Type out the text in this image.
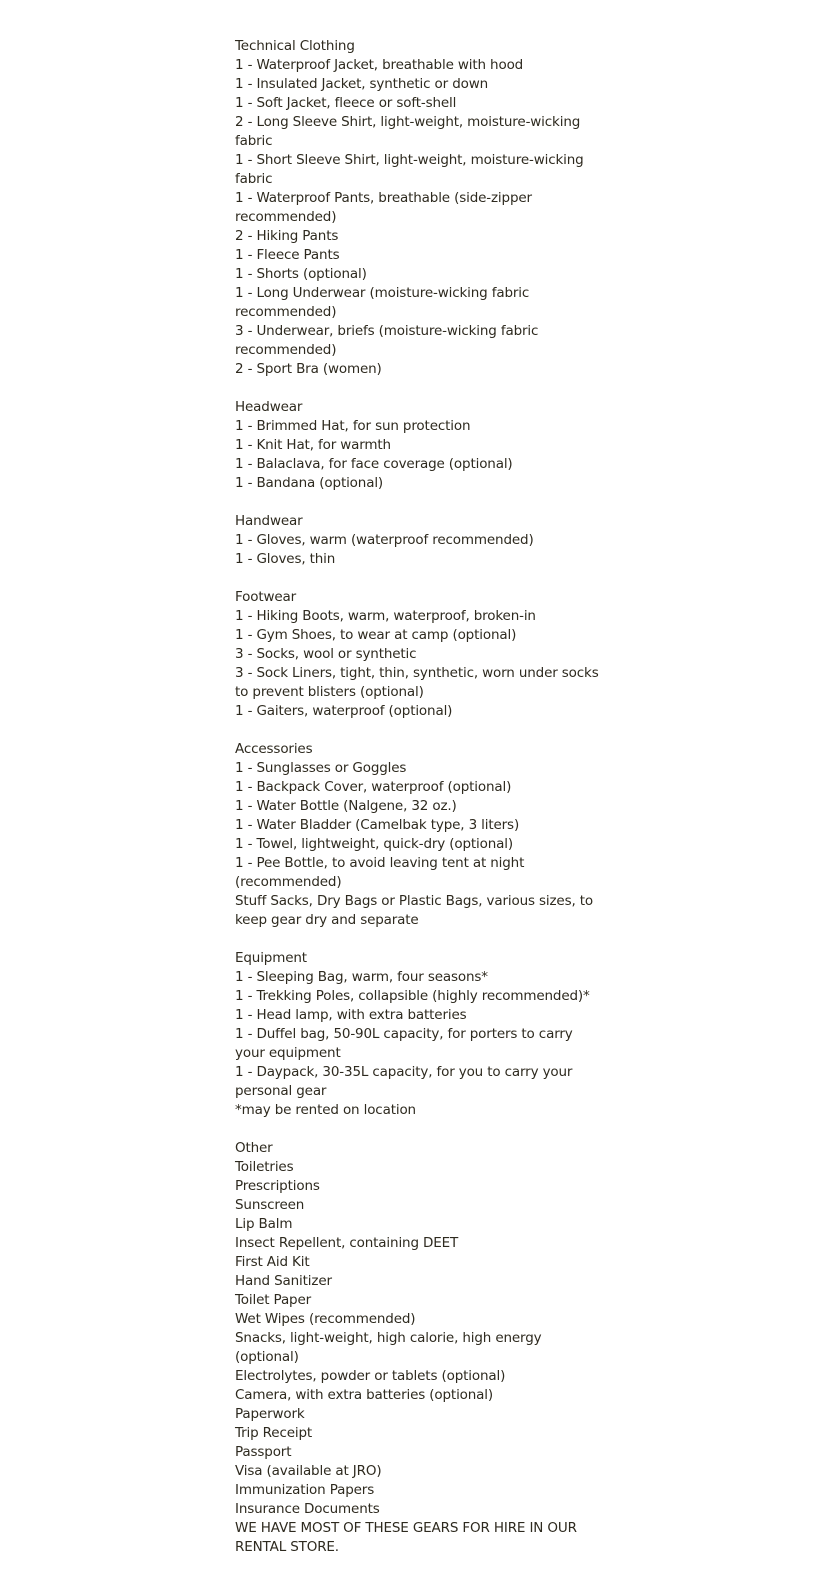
Technical Clothing
1 - Waterproof Jacket, breathable with hood
1 - Insulated Jacket, synthetic or down
1 - Soft Jacket, fleece or soft-shell
2 - Long Sleeve Shirt, light-weight, moisture-wicking fabric
1 - Short Sleeve Shirt, light-weight, moisture-wicking fabric
1 - Waterproof Pants, breathable (side-zipper recommended)
2 - Hiking Pants
1 - Fleece Pants
1 - Shorts (optional)
1 - Long Underwear (moisture-wicking fabric recommended)
3 - Underwear, briefs (moisture-wicking fabric recommended)
2 - Sport Bra (women)
Headwear
1 - Brimmed Hat, for sun protection
1 - Knit Hat, for warmth
1 - Balaclava, for face coverage (optional)
1 - Bandana (optional)
Handwear
1 - Gloves, warm (waterproof recommended)
1 - Gloves, thin
Footwear
1 - Hiking Boots, warm, waterproof, broken-in
1 - Gym Shoes, to wear at camp (optional)
3 - Socks, wool or synthetic
3 - Sock Liners, tight, thin, synthetic, worn under socks to prevent blisters (optional)
1 - Gaiters, waterproof (optional)
Accessories
1 - Sunglasses or Goggles
1 - Backpack Cover, waterproof (optional)
1 - Water Bottle (Nalgene, 32 oz.)
1 - Water Bladder (Camelbak type, 3 liters)
1 - Towel, lightweight, quick-dry (optional)
1 - Pee Bottle, to avoid leaving tent at night (recommended)
Stuff Sacks, Dry Bags or Plastic Bags, various sizes, to keep gear dry and separate
Equipment
1 - Sleeping Bag, warm, four seasons*
1 - Trekking Poles, collapsible (highly recommended)*
1 - Head lamp, with extra batteries
1 - Duffel bag, 50-90L capacity, for porters to carry your equipment
1 - Daypack, 30-35L capacity, for you to carry your personal gear
*may be rented on location
Other
Toiletries
Prescriptions
Sunscreen
Lip Balm
Insect Repellent, containing DEET
First Aid Kit
Hand Sanitizer
Toilet Paper
Wet Wipes (recommended)
Snacks, light-weight, high calorie, high energy (optional)
Electrolytes, powder or tablets (optional)
Camera, with extra batteries (optional)
Paperwork
Trip Receipt
Passport
Visa (available at JRO)
Immunization Papers
Insurance Documents
WE HAVE MOST OF THESE GEARS FOR HIRE IN OUR RENTAL STORE.
